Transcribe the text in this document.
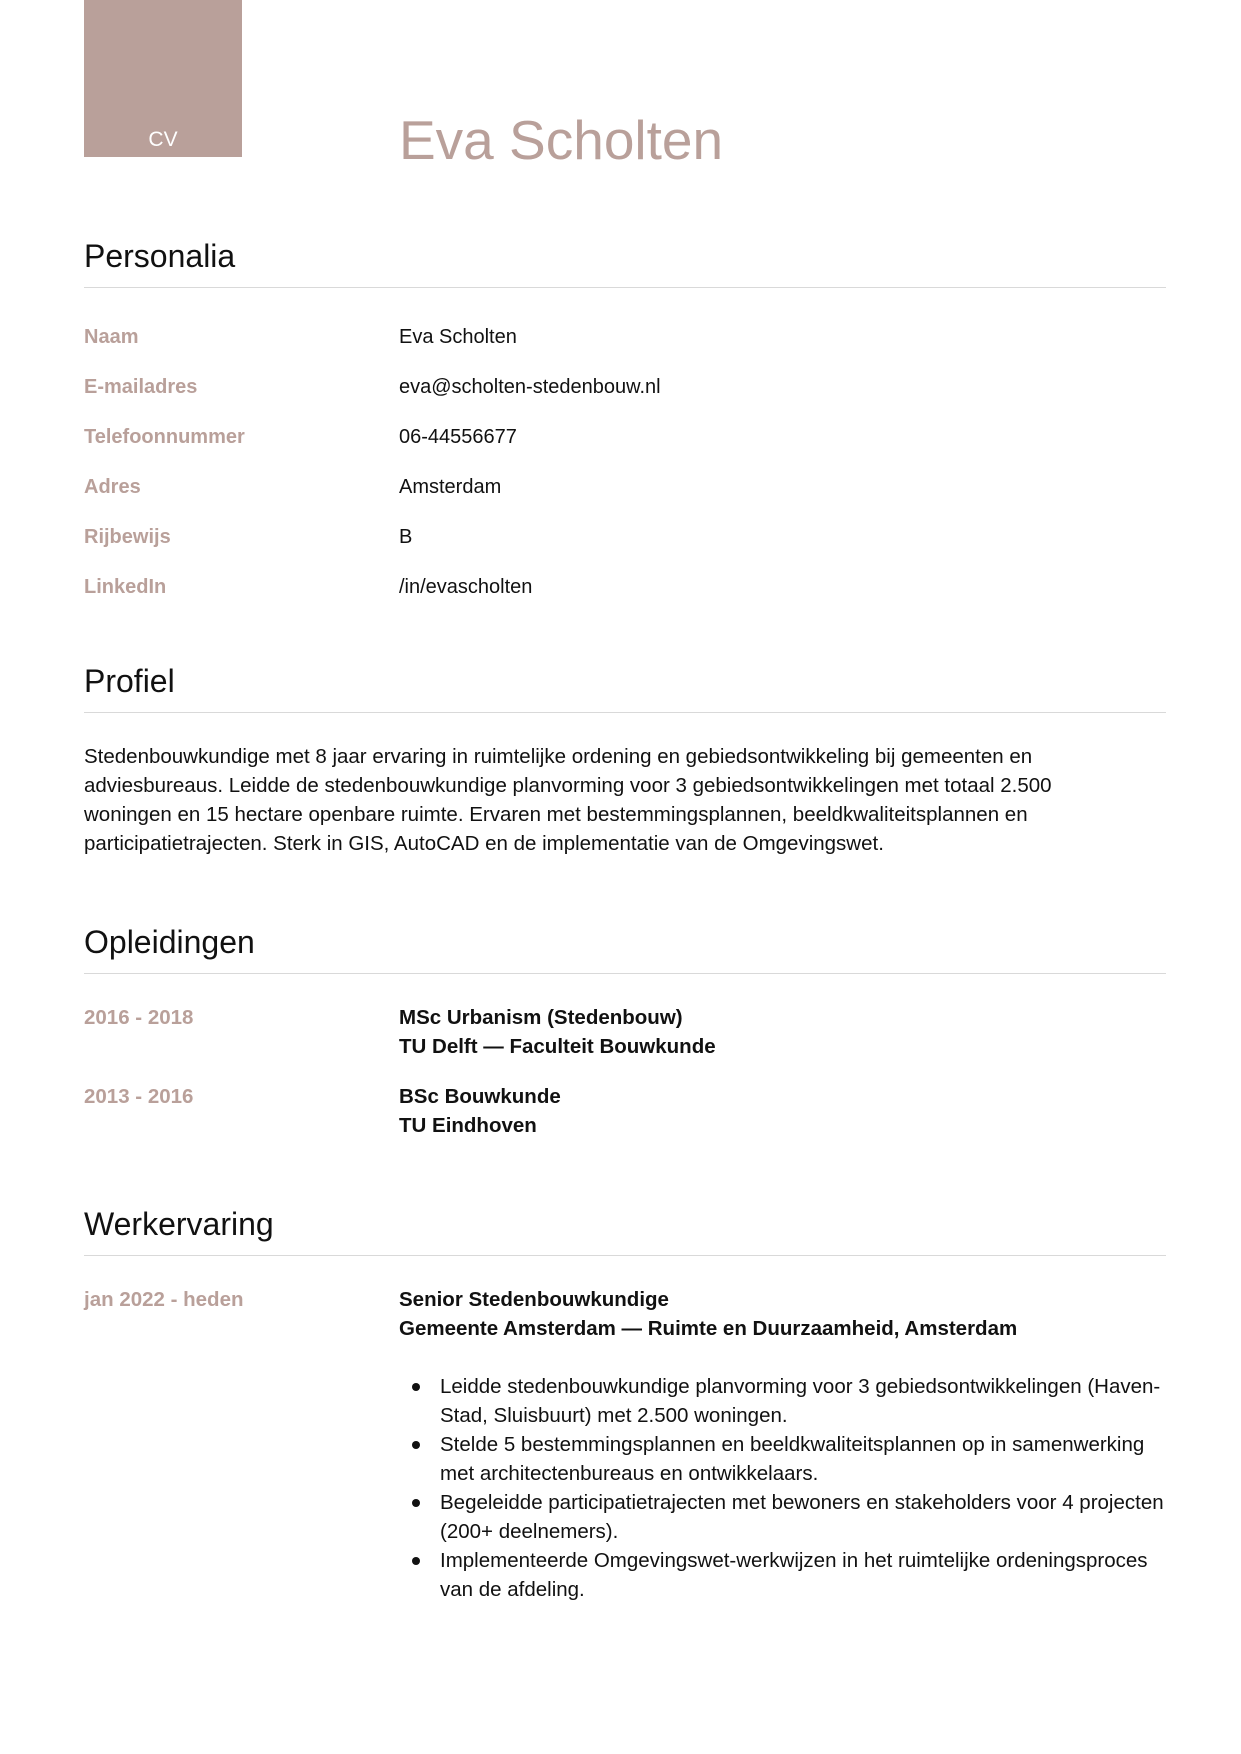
CV	Eva Scholten
Personalia
Naam	Eva Scholten
E-mailadres	eva@scholten-stedenbouw.nl
Telefoonnummer	06-44556677
Adres	Amsterdam
Rijbewijs	B
LinkedIn	/in/evascholten
Profiel

Stedenbouwkundige met 8 jaar ervaring in ruimtelijke ordening en gebiedsontwikkeling bij gemeenten en adviesbureaus. Leidde de stedenbouwkundige planvorming voor 3 gebiedsontwikkelingen met totaal 2.500 woningen en 15 hectare openbare ruimte. Ervaren met bestemmingsplannen, beeldkwaliteitsplannen en participatietrajecten. Sterk in GIS, AutoCAD en de implementatie van de Omgevingswet.

Opleidingen
2016 - 2018	MSc Urbanism (Stedenbouw)
TU Delft — Faculteit Bouwkunde
2013 - 2016	BSc Bouwkunde
TU Eindhoven
Werkervaring
jan 2022 - heden	Senior Stedenbouwkundige
Gemeente Amsterdam — Ruimte en Duurzaamheid, Amsterdam
Leidde stedenbouwkundige planvorming voor 3 gebiedsontwikkelingen (Haven-Stad, Sluisbuurt) met 2.500 woningen.
Stelde 5 bestemmingsplannen en beeldkwaliteitsplannen op in samenwerking met architectenbureaus en ontwikkelaars.
Begeleidde participatietrajecten met bewoners en stakeholders voor 4 projecten (200+ deelnemers).
Implementeerde Omgevingswet-werkwijzen in het ruimtelijke ordeningsproces van de afdeling.
